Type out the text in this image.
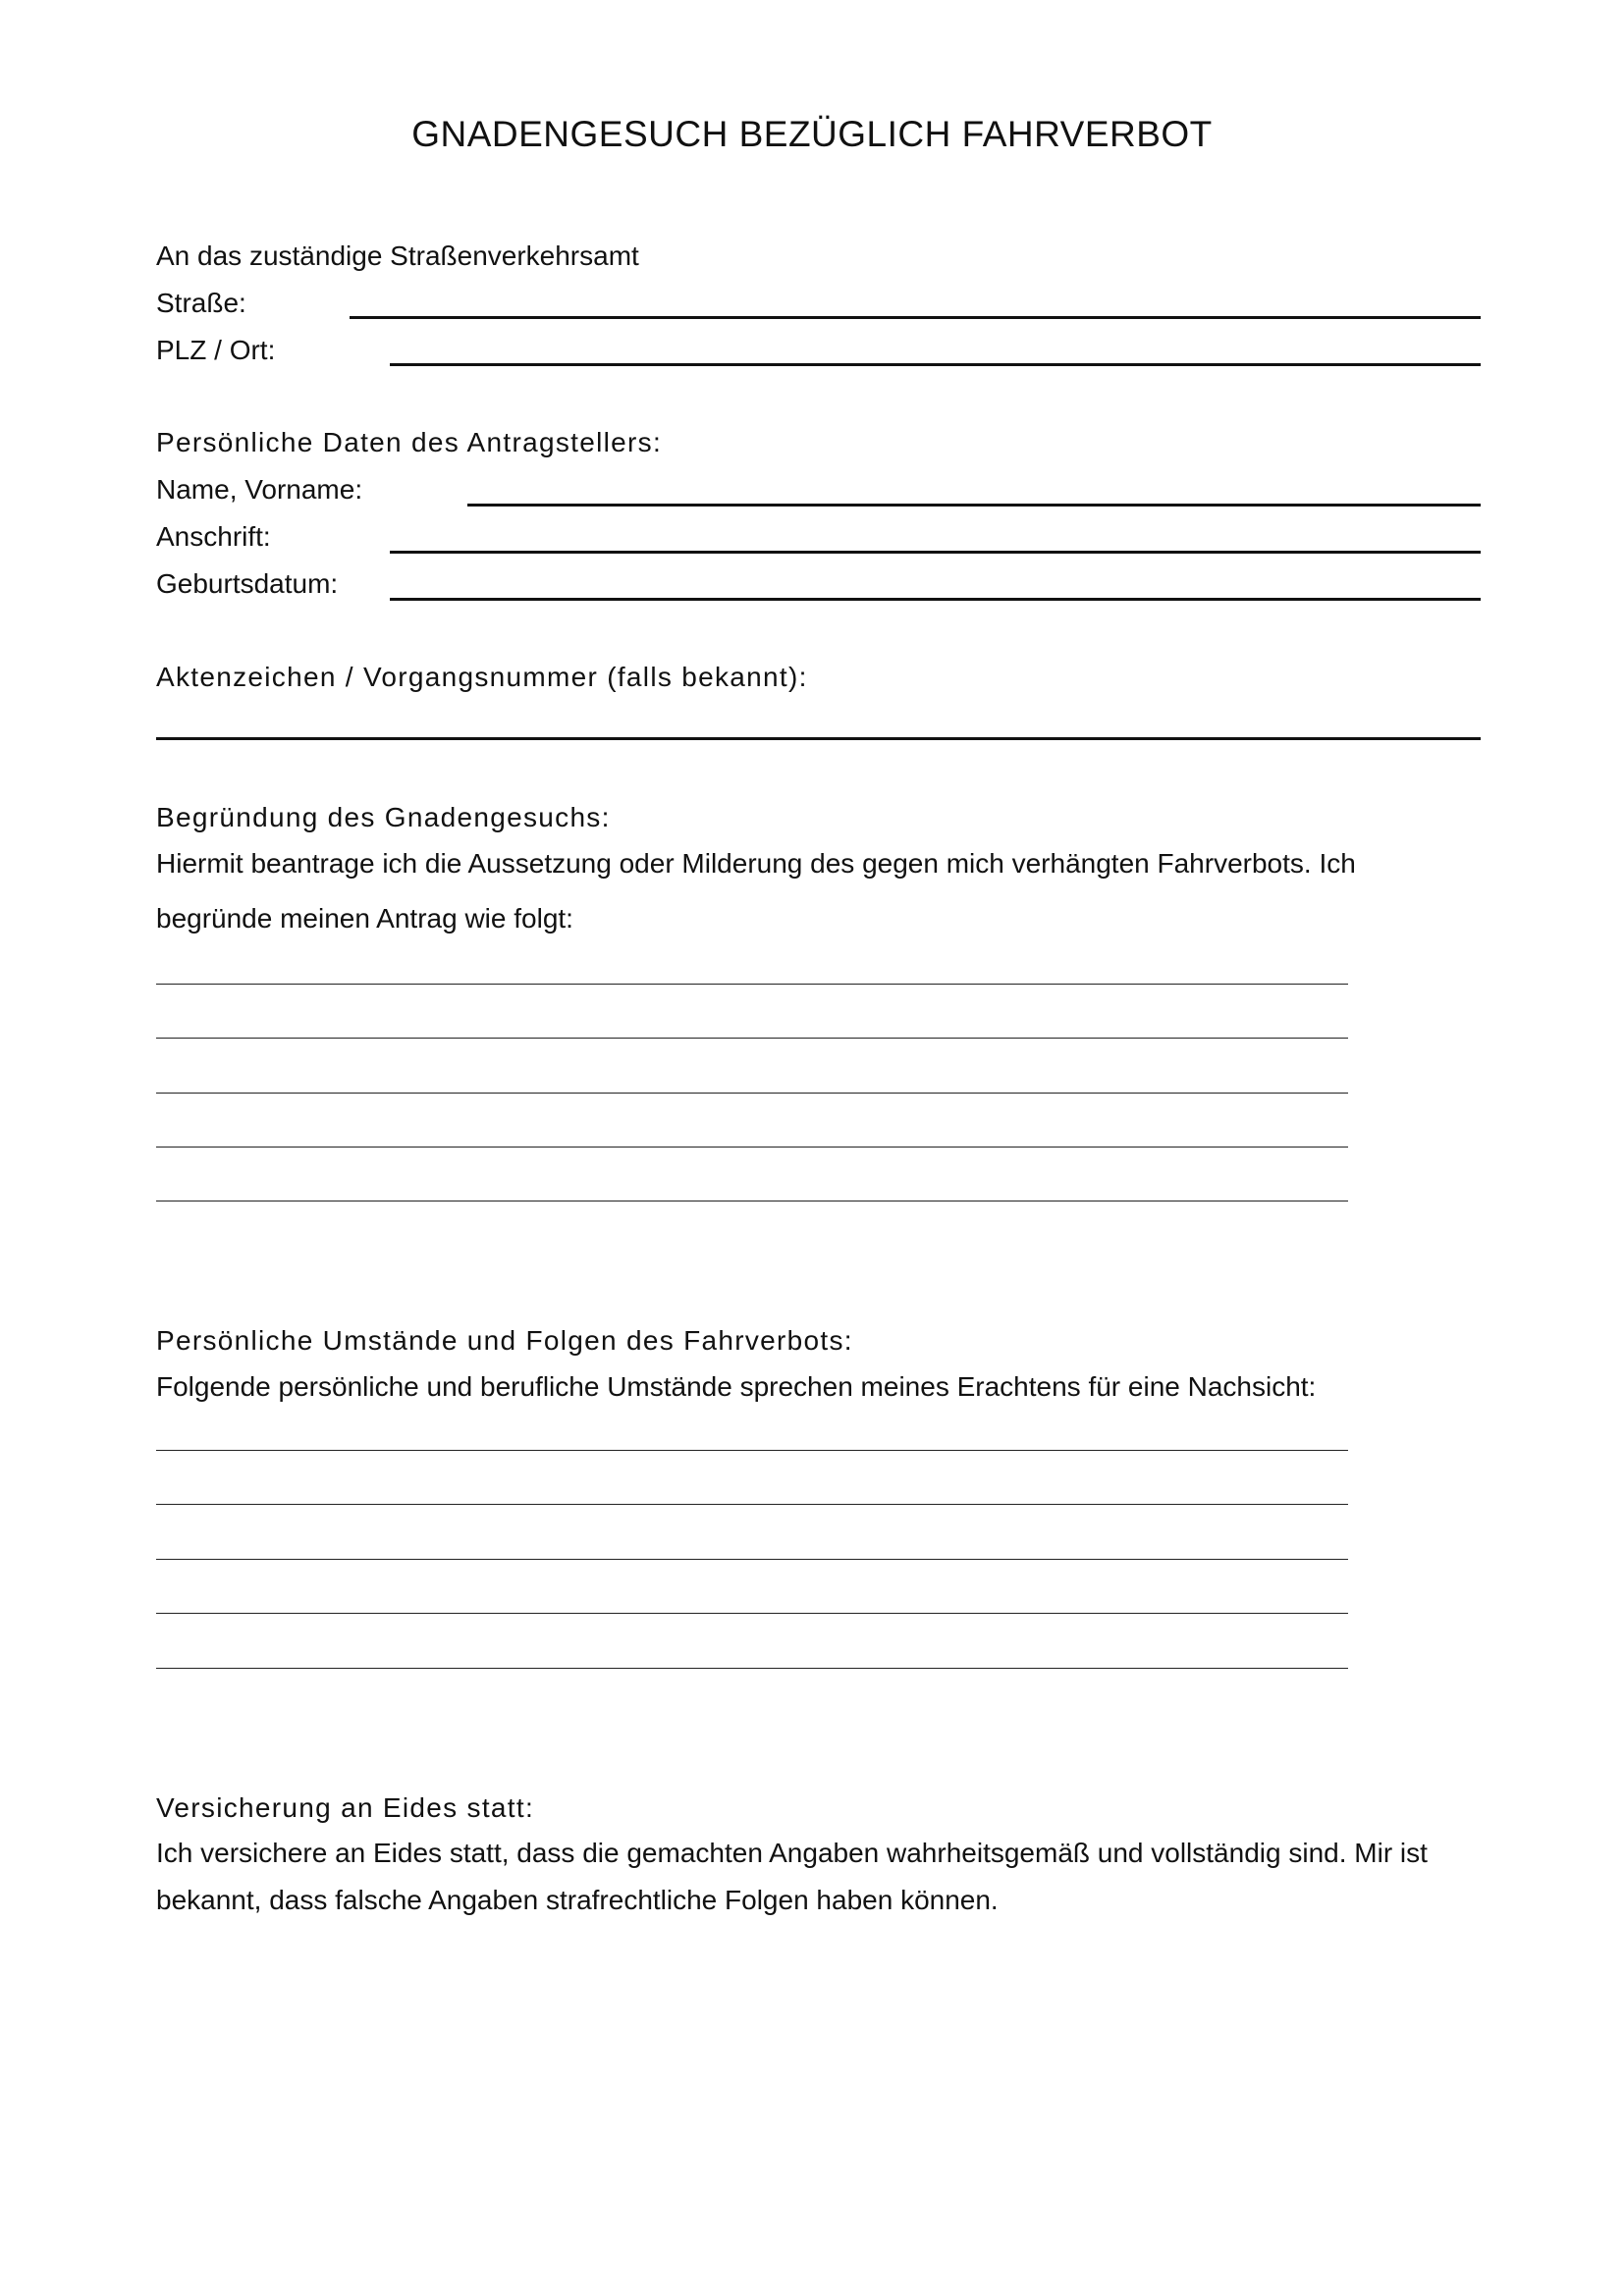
GNADENGESUCH BEZÜGLICH FAHRVERBOT
An das zuständige Straßenverkehrsamt
Straße:
PLZ / Ort:
Persönliche Daten des Antragstellers:
Name, Vorname:
Anschrift:
Geburtsdatum:
Aktenzeichen / Vorgangsnummer (falls bekannt):
Begründung des Gnadengesuchs:
Hiermit beantrage ich die Aussetzung oder Milderung des gegen mich verhängten Fahrverbots. Ich
begründe meinen Antrag wie folgt:
Persönliche Umstände und Folgen des Fahrverbots:
Folgende persönliche und berufliche Umstände sprechen meines Erachtens für eine Nachsicht:
Versicherung an Eides statt:
Ich versichere an Eides statt, dass die gemachten Angaben wahrheitsgemäß und vollständig sind. Mir ist
bekannt, dass falsche Angaben strafrechtliche Folgen haben können.
